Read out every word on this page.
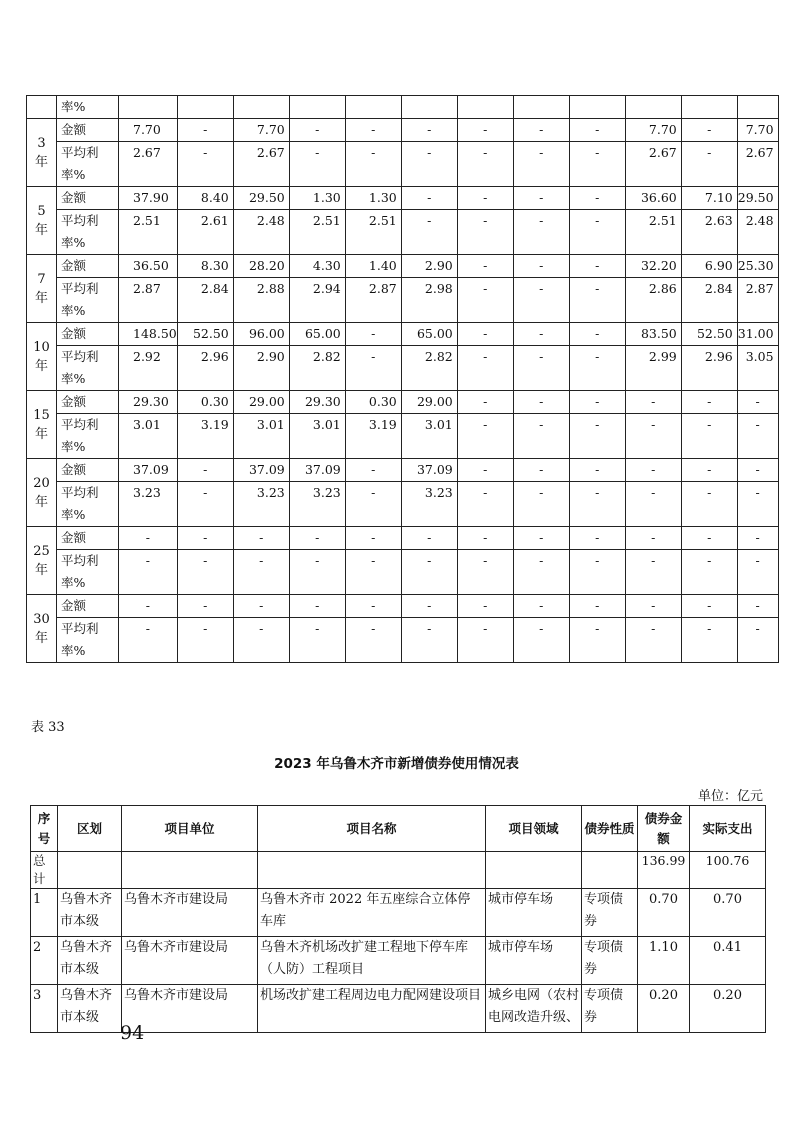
	率%												
3 年	金额	7.70	-	7.70	-	-	-	-	-	-	7.70	-	7.70
	平均利率%	2.67	-	2.67	-	-	-	-	-	-	2.67	-	2.67
5 年	金额	37.90	8.40	29.50	1.30	1.30	-	-	-	-	36.60	7.10	29.50
	平均利率%	2.51	2.61	2.48	2.51	2.51	-	-	-	-	2.51	2.63	2.48
7 年	金额	36.50	8.30	28.20	4.30	1.40	2.90	-	-	-	32.20	6.90	25.30
	平均利率%	2.87	2.84	2.88	2.94	2.87	2.98	-	-	-	2.86	2.84	2.87
10 年	金额	148.50	52.50	96.00	65.00	-	65.00	-	-	-	83.50	52.50	31.00
	平均利率%	2.92	2.96	2.90	2.82	-	2.82	-	-	-	2.99	2.96	3.05
15 年	金额	29.30	0.30	29.00	29.30	0.30	29.00	-	-	-	-	-	-
	平均利率%	3.01	3.19	3.01	3.01	3.19	3.01	-	-	-	-	-	-
20 年	金额	37.09	-	37.09	37.09	-	37.09	-	-	-	-	-	-
	平均利率%	3.23	-	3.23	3.23	-	3.23	-	-	-	-	-	-
25 年	金额	-	-	-	-	-	-	-	-	-	-	-	-
	平均利率%	-	-	-	-	-	-	-	-	-	-	-	-
30 年	金额	-	-	-	-	-	-	-	-	-	-	-	-
	平均利率%	-	-	-	-	-	-	-	-	-	-	-	-
表 33
2023 年乌鲁木齐市新增债券使用情况表
单位：亿元
序号	区划	项目单位	项目名称	项目领域	债券性质	债券金额	实际支出
总计						136.99	100.76
1	乌鲁木齐市本级	乌鲁木齐市建设局	乌鲁木齐市 2022 年五座综合立体停车库	城市停车场	专项债券	0.70	0.70
2	乌鲁木齐市本级	乌鲁木齐市建设局	乌鲁木齐机场改扩建工程地下停车库（人防）工程项目	城市停车场	专项债券	1.10	0.41
3	乌鲁木齐市本级	乌鲁木齐市建设局	机场改扩建工程周边电力配网建设项目	城乡电网（农村电网改造升级、	专项债券	0.20	0.20
94
